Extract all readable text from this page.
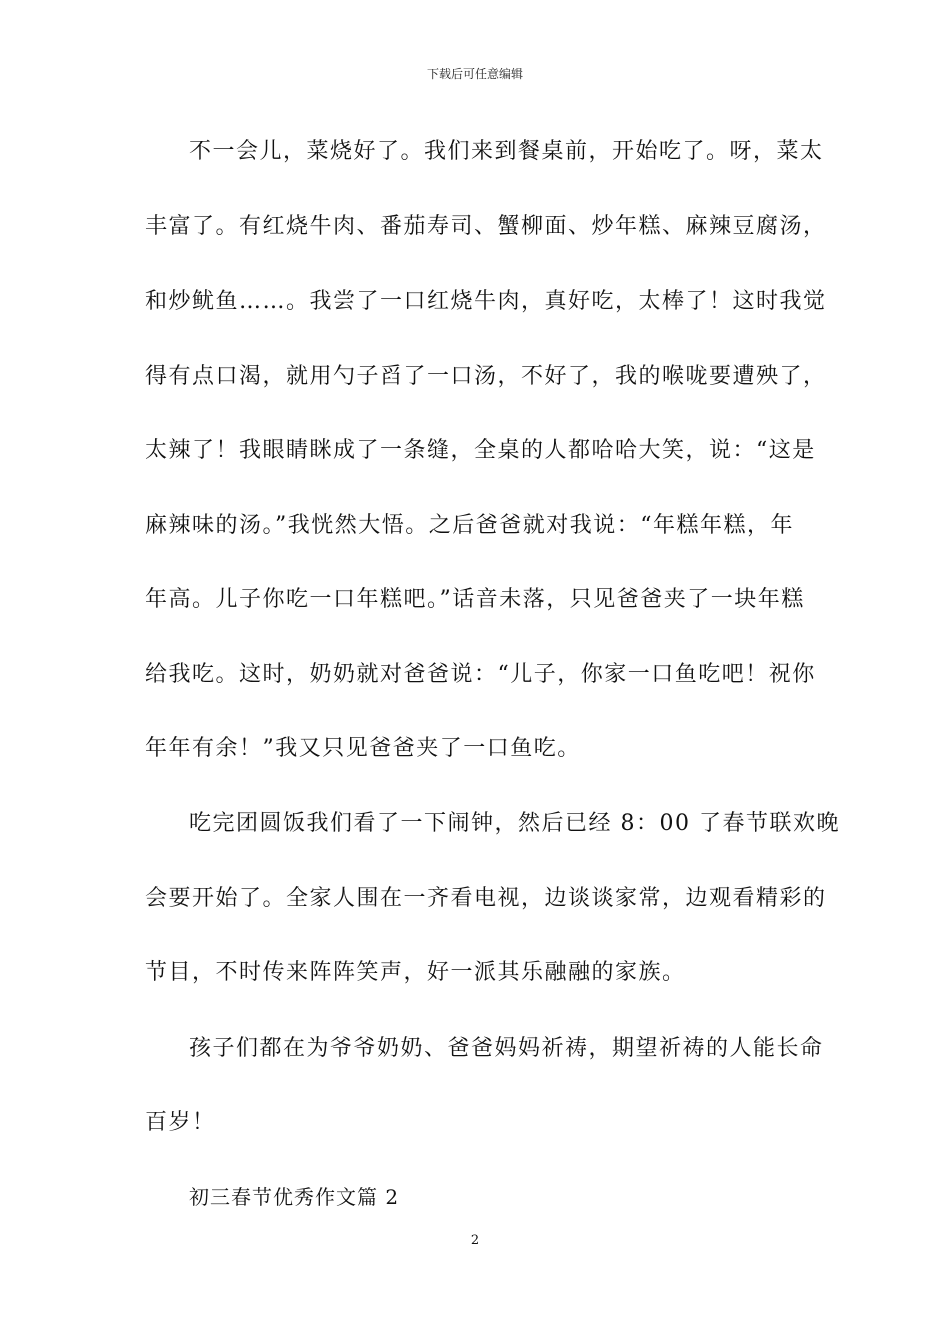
下载后可任意编辑
不一会儿，菜烧好了。我们来到餐桌前，开始吃了。呀，菜太
丰富了。有红烧牛肉、番茄寿司、蟹柳面、炒年糕、麻辣豆腐汤，
和炒鱿鱼……。我尝了一口红烧牛肉，真好吃，太棒了！这时我觉
得有点口渴，就用勺子舀了一口汤，不好了，我的喉咙要遭殃了，
太辣了！我眼睛眯成了一条缝，全桌的人都哈哈大笑，说：“这是
麻辣味的汤。”我恍然大悟。之后爸爸就对我说：“年糕年糕，年
年高。儿子你吃一口年糕吧。”话音未落，只见爸爸夹了一块年糕
给我吃。这时，奶奶就对爸爸说：“儿子，你家一口鱼吃吧！祝你
年年有余！”我又只见爸爸夹了一口鱼吃。
吃完团圆饭我们看了一下闹钟，然后已经 8：00 了春节联欢晚
会要开始了。全家人围在一齐看电视，边谈谈家常，边观看精彩的
节目，不时传来阵阵笑声，好一派其乐融融的家族。
孩子们都在为爷爷奶奶、爸爸妈妈祈祷，期望祈祷的人能长命
百岁！
初三春节优秀作文篇 2
2
